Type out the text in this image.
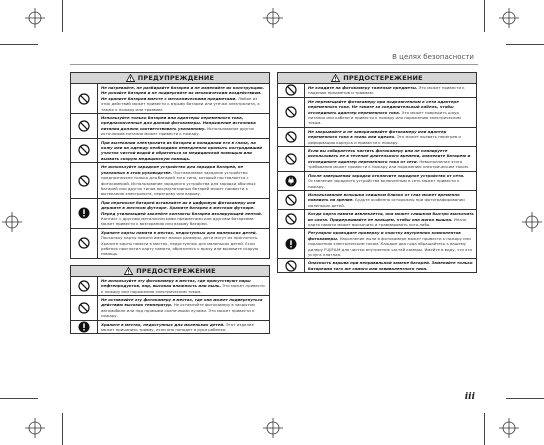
В целях безопасности
ПРЕДУПРЕЖДЕНИЕ
Не нагревайте, не разбирайте батареи и не изменяйте их конструкцию. Не роняйте батареи и не подвергайте их механическим воздействиям. Не храните батареи вместе с металлическими предметами. Любое из этих действий может привести к взрыву батареи или утечке электролита, а также к пожару или травмам.
Используйте только батареи или адаптеры переменного тока, предназначенные для данной фотокамеры. Напряжение источника питания должно соответствовать указанному. Использование других источников питания может привести к пожару.
При вытекании электролита из батареи и попадании его в глаза, на кожу или на одежду необходимо немедленно промыть пострадавший участок чистой водой и обратиться за медицинской помощью или вызвать скорую медицинскую помощь.
Не используйте зарядное устройство для зарядки батарей, не указанных в этом руководстве. Поставляемое зарядное устройство предназначено только для батарей того типа, который поставляется с фотокамерой. Использование зарядного устройства для зарядки обычных батарей или других типов аккумуляторных батарей может привести к вытеканию электролита, перегреву или взрыву.
При переноске батарей вставляйте их в цифровую фотокамеру или держите в жестком футляре. Храните батареи в жестком футляре. Перед утилизацией заклейте контакты батареи изолирующей лентой. Контакт с другими металлическими предметами или другими батареями может привести к возгоранию или взрыву батареи.
Храните карты памяти в местах, недоступных для маленьких детей. Поскольку карты памяти имеют малые размеры, дети могут их проглотить. Храните карты памяти в местах, недоступных для маленьких детей. Если ребенок проглотил карту памяти, обратитесь к врачу или вызовите скорую помощь.
ПРЕДОСТЕРЕЖЕНИЕ
Не используйте эту фотокамеру в местах, где присутствуют пары нефтепродуктов, пар, высокая влажность или пыль. Это может привести к пожару или поражению электрическим током.
Не оставляйте эту фотокамеру в местах, где она может подвергнуться действию высоких температур. Не оставляйте фотокамеру в закрытом автомобиле или под прямыми солнечными лучами. Это может привести к пожару.
Храните в местах, недоступных для маленьких детей. Этот изделие может причинить травму, если оно попадет в руки ребенка.
ПРЕДОСТЕРЕЖЕНИЕ
Не кладите на фотокамеру тяжелые предметы. Это может привести к падению предметов и травмам.
Не перемещайте фотокамеру при подключенном к сети адаптере переменного тока. Не тяните за соединительный кабель, чтобы отсоединить адаптер переменного тока. Это может повредить шнур питания или кабели и привести к пожару или поражению электрическим током.
Не закрывайте и не заворачивайте фотокамеру или адаптер переменного тока в ткань или одеяло. Это может вызвать перегрев и деформацию корпуса и привести к пожару.
Если вы собираетесь чистить фотокамеру или не планируете использовать ее в течение длительного времени, извлеките батарею и отсоедините адаптер переменного тока от сети. Невыполнение этого требования может привести к пожару или поражению электрическим током.
После завершения зарядки отключите зарядное устройство от сети. Оставление зарядного устройства включенным в сеть может привести к пожару.
Использование вспышки слишком близко от глаз может временно повлиять на зрение. Будьте особенно осторожны при фотографировании маленьких детей.
Когда карта памяти извлекается, она может слишком быстро выскочить из слота. Придерживайте ее пальцем, чтобы она мягко вышла. Иначе карта памяти может выскочить и травмировать кого-либо.
Регулярно проводите проверку и очистку внутренних компонентов фотокамеры. Накопление пыли в фотокамере может привести к пожару или поражению электрическим током. Каждые два года обращайтесь к вашему дилеру FUJIFILM для чистки внутренних частей камеры. Имейте в виду, что эта услуга платная.
Опасность взрыва при неправильной замене батарей. Заменяйте только батареями того же самого или эквивалентного типа.
iii
